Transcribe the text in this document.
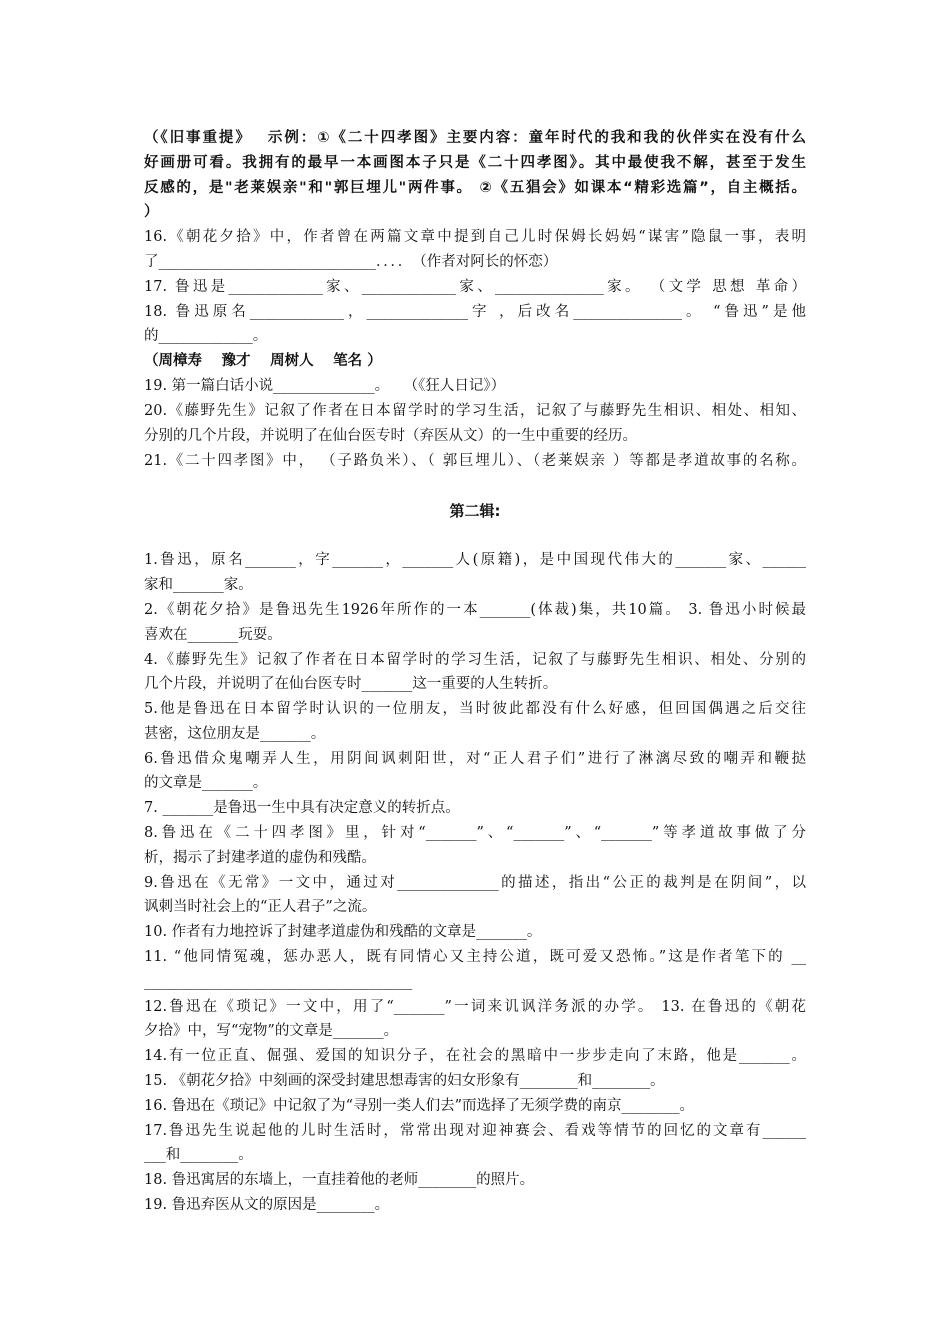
（《旧事重提》　 示例：①《二十四孝图》主要内容：童年时代的我和我的伙伴实在没有什么
好画册可看。我拥有的最早一本画图本子只是《二十四孝图》。其中最使我不解，甚至于发生
反感的，是"老莱娱亲"和"郭巨埋儿"两件事。 ②《五猖会》如课本“精彩选篇”，自主概括。
）
16.《朝花夕拾》中，作者曾在两篇文章中提到自己儿时保姆长妈妈“谋害”隐鼠一事，表明
了______________________________．．．．　（作者对阿长的怀恋）
17. 鲁迅是_____________家、_____________家、_______________家。 （文学 思想 革命）
18. 鲁迅原名_____________，______________字 ，后改名_______________。 “鲁迅”是他
的_____________。
（周樟寿　 豫才　 周树人　 笔名 ）
19. 第一篇白话小说______________。　　（《狂人日记》）
20.《藤野先生》记叙了作者在日本留学时的学习生活，记叙了与藤野先生相识、相处、相知、
分别的几个片段，并说明了在仙台医专时（弃医从文）的一生中重要的经历。
21.《二十四孝图》中， （子路负米）、（ 郭巨埋儿）、（老莱娱亲 ）等都是孝道故事的名称。
第二辑:
1.鲁迅，原名_______，字_______，_______人(原籍)，是中国现代伟大的_______家、______
家和_______家。
2.《朝花夕拾》是鲁迅先生1926年所作的一本_______(体裁)集，共10篇。 3. 鲁迅小时候最
喜欢在_______玩耍。
4.《藤野先生》记叙了作者在日本留学时的学习生活，记叙了与藤野先生相识、相处、分别的
几个片段，并说明了在仙台医专时_______这一重要的人生转折。
5.他是鲁迅在日本留学时认识的一位朋友，当时彼此都没有什么好感，但回国偶遇之后交往
甚密，这位朋友是_______。
6.鲁迅借众鬼嘲弄人生，用阴间讽刺阳世，对“正人君子们”进行了淋漓尽致的嘲弄和鞭挞
的文章是_______。
7. _______是鲁迅一生中具有决定意义的转折点。
8.鲁迅在《二十四孝图》里，针对“_______”、“_______”、“_______”等孝道故事做了分
析，揭示了封建孝道的虚伪和残酷。
9.鲁迅在《无常》一文中，通过对______________的描述，指出“公正的裁判是在阴间”，以
讽刺当时社会上的“正人君子”之流。
10. 作者有力地控诉了封建孝道虚伪和残酷的文章是_______。
11. “他同情冤魂，惩办恶人，既有同情心又主持公道，既可爱又恐怖。”这是作者笔下的 __
_____________________________________
12.鲁迅在《琐记》一文中，用了“_______”一词来讥讽洋务派的办学。 13. 在鲁迅的《朝花
夕拾》中，写“宠物”的文章是_______。
14.有一位正直、倔强、爱国的知识分子，在社会的黑暗中一步步走向了末路，他是_______。
15. 《朝花夕拾》中刻画的深受封建思想毒害的妇女形象有________和________。
16. 鲁迅在《琐记》中记叙了为“寻别一类人们去”而选择了无须学费的南京________。
17.鲁迅先生说起他的儿时生活时，常常出现对迎神赛会、看戏等情节的回忆的文章有______
___和________。
18. 鲁迅寓居的东墙上，一直挂着他的老师________的照片。
19. 鲁迅弃医从文的原因是________。
